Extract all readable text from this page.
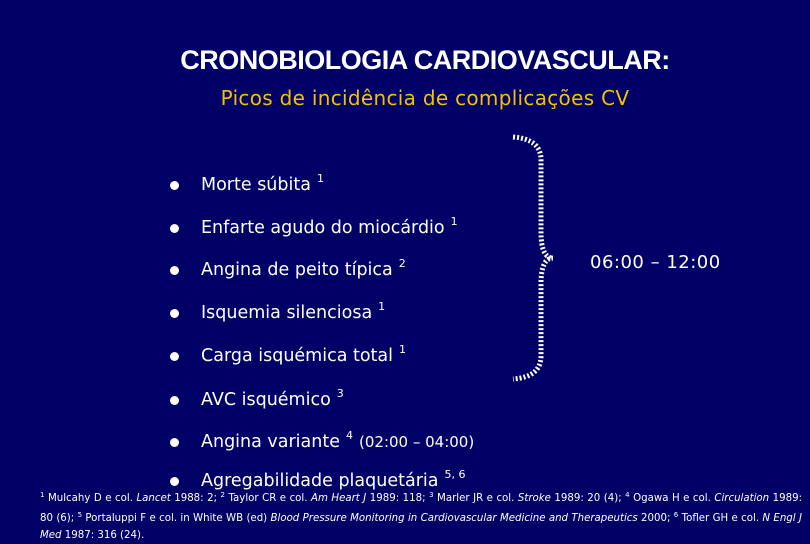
CRONOBIOLOGIA CARDIOVASCULAR:
Picos de incidência de complicações CV
Morte súbita $^1$
Enfarte agudo do miocárdio $^1$
Angina de peito típica $^2$
Isquemia silenciosa $^1$
Carga isquémica total $^1$
AVC isquémico $^3$
Angina variante $^4$ (02:00 – 04:00)
Agregabilidade plaquetária $^{5, 6}$
06:00 – 12:00
$^1$ Mulcahy D e col. Lancet 1988: 2; $^2$ Taylor CR e col. Am Heart J 1989: 118; $^3$ Marler JR e col. Stroke 1989: 20 (4); $^4$ Ogawa H e col. Circulation 1989: 80 (6); $^5$ Portaluppi F e col. in White WB (ed) Blood Pressure Monitoring in Cardiovascular Medicine and Therapeutics 2000; $^6$ Tofler GH e col. N Engl J Med 1987: 316 (24).
